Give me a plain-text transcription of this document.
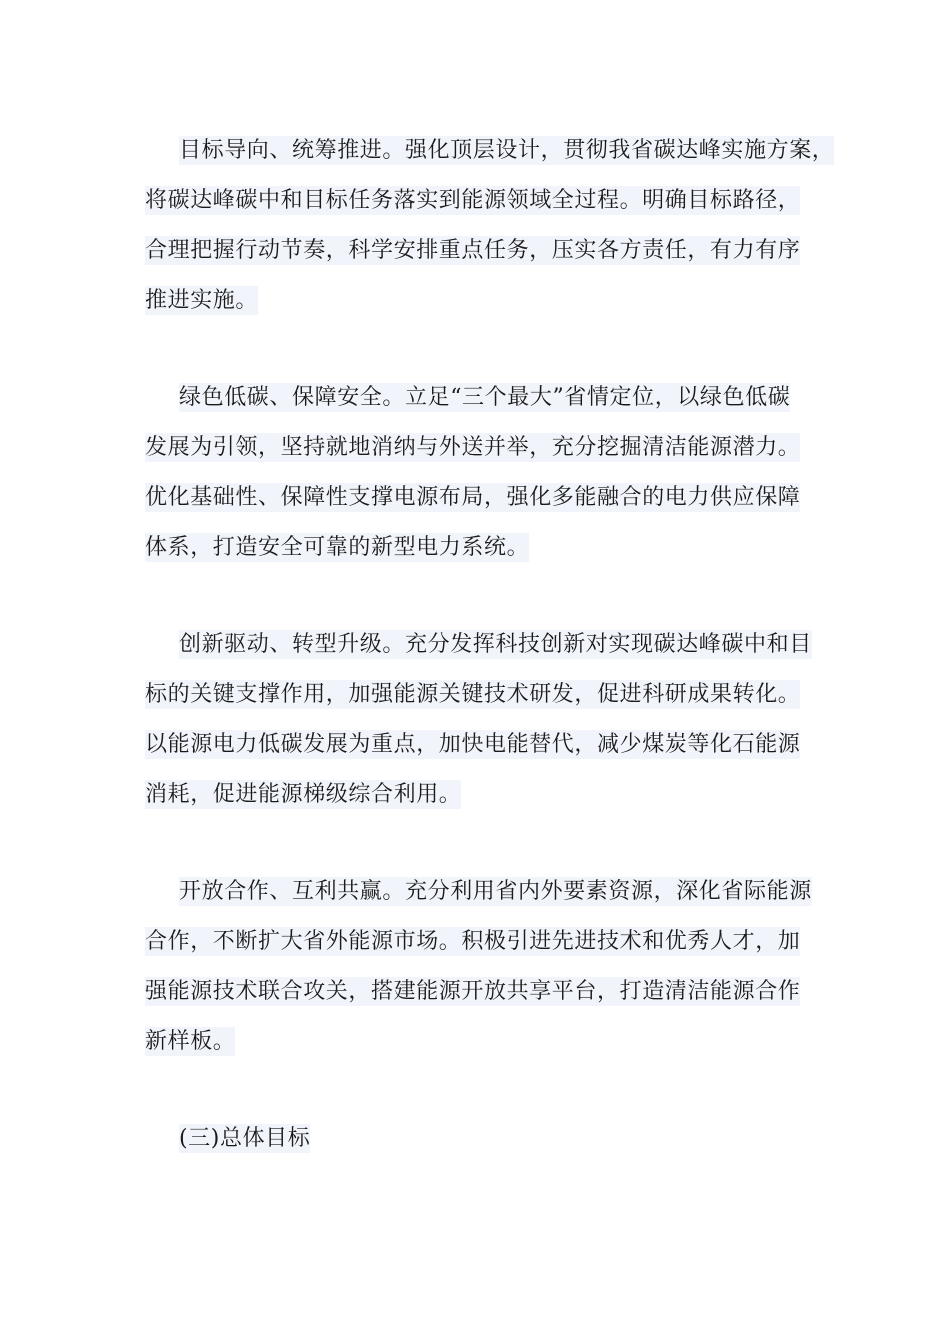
目标导向、统筹推进。强化顶层设计，贯彻我省碳达峰实施方案，
将碳达峰碳中和目标任务落实到能源领域全过程。明确目标路径，
合理把握行动节奏，科学安排重点任务，压实各方责任，有力有序
推进实施。
绿色低碳、保障安全。立足“三个最大”省情定位，以绿色低碳
发展为引领，坚持就地消纳与外送并举，充分挖掘清洁能源潜力。
优化基础性、保障性支撑电源布局，强化多能融合的电力供应保障
体系，打造安全可靠的新型电力系统。
创新驱动、转型升级。充分发挥科技创新对实现碳达峰碳中和目
标的关键支撑作用，加强能源关键技术研发，促进科研成果转化。
以能源电力低碳发展为重点，加快电能替代，减少煤炭等化石能源
消耗，促进能源梯级综合利用。
开放合作、互利共赢。充分利用省内外要素资源，深化省际能源
合作，不断扩大省外能源市场。积极引进先进技术和优秀人才，加
强能源技术联合攻关，搭建能源开放共享平台，打造清洁能源合作
新样板。
(三)总体目标
